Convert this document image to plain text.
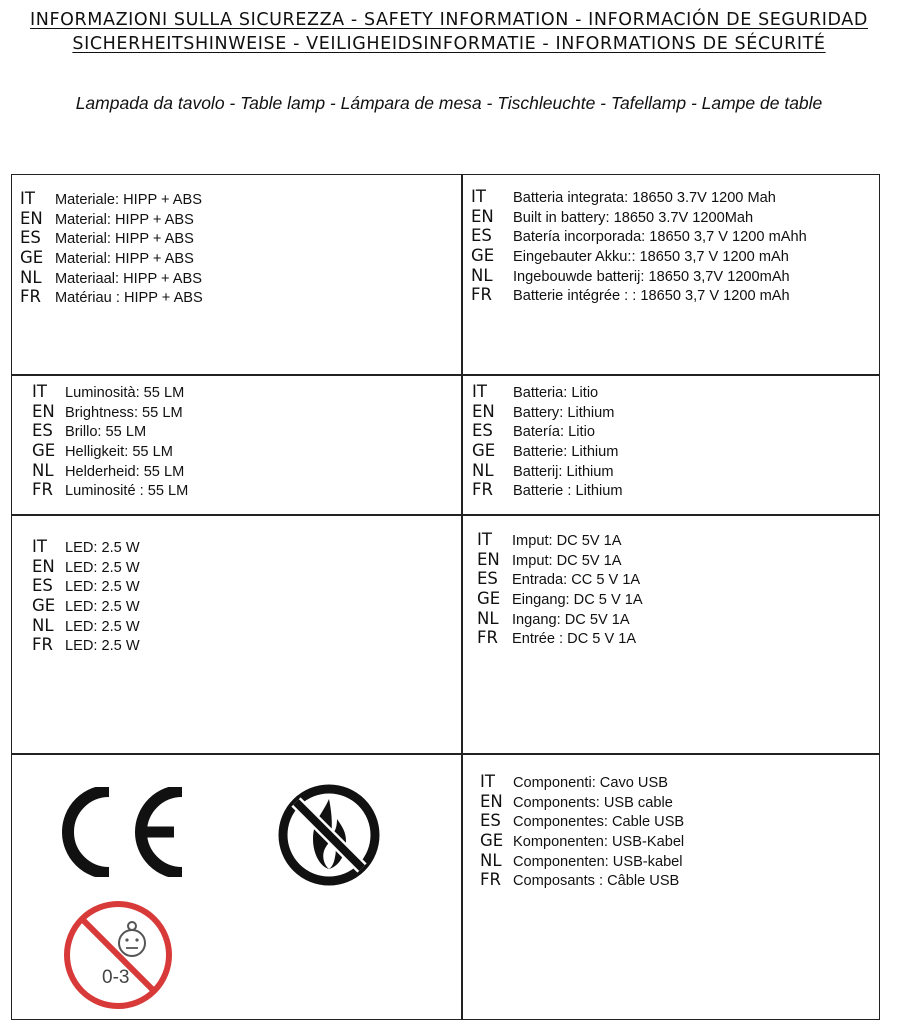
INFORMAZIONI SULLA SICUREZZA - SAFETY INFORMATION - INFORMACIÓN DE SEGURIDAD
SICHERHEITSHINWEISE - VEILIGHEIDSINFORMATIE - INFORMATIONS DE SÉCURITÉ
Lampada da tavolo - Table lamp - Lámpara de mesa - Tischleuchte - Tafellamp - Lampe de table
IT	Materiale: HIPP + ABS
EN Material: HIPP + ABS
ES Material: HIPP + ABS
GE Material: HIPP + ABS
NL Materiaal: HIPP + ABS
FR Matériau : HIPP + ABS
IT	Batteria integrata: 18650 3.7V 1200 Mah
EN	Built in battery: 18650 3.7V 1200Mah
ES	Batería incorporada: 18650 3,7 V 1200 mAhh
GE	Eingebauter Akku:: 18650 3,7 V 1200 mAh
NL	Ingebouwde batterij: 18650 3,7V 1200mAh
FR	Batterie intégrée : : 18650 3,7 V 1200 mAh
IT	Luminosità: 55 LM
EN Brightness: 55 LM
ES Brillo: 55 LM
GE Helligkeit: 55 LM
NL Helderheid: 55 LM
FR Luminosité : 55 LM
IT	Batteria: Litio
EN	Battery: Lithium
ES	Batería: Litio
GE	Batterie: Lithium
NL	Batterij: Lithium
FR	Batterie : Lithium
IT	LED: 2.5 W
EN LED: 2.5 W
ES LED: 2.5 W
GE LED: 2.5 W
NL LED: 2.5 W
FR LED: 2.5 W
IT	Imput: DC 5V 1A
EN Imput: DC 5V 1A
ES Entrada: CC 5 V 1A
GE Eingang: DC 5 V 1A
NL Ingang: DC 5V 1A
FR Entrée : DC 5 V 1A
IT	Componenti: Cavo USB
EN Components: USB cable
ES Componentes: Cable USB
GE Komponenten: USB-Kabel
NL Componenten: USB-kabel
FR Composants : Câble USB
0-3
